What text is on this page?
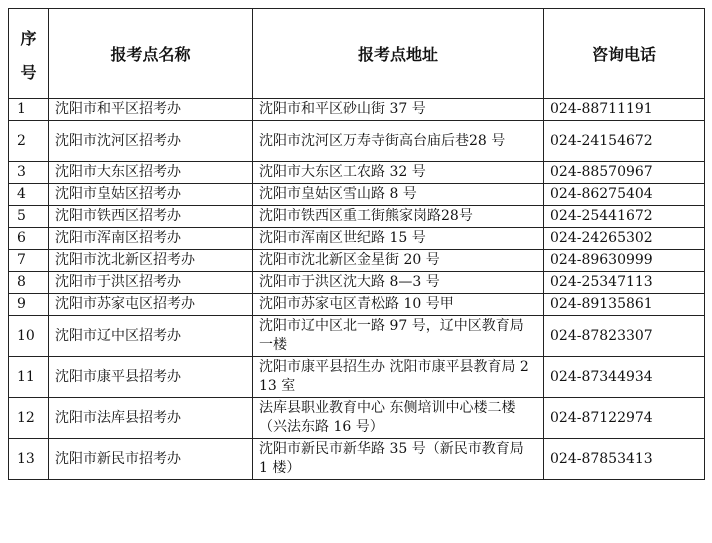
序
号	报考点名称	报考点地址	咨询电话
1	沈阳市和平区招考办	沈阳市和平区砂山街 37 号	024-88711191
2	沈阳市沈河区招考办	沈阳市沈河区万寿寺街高台庙后巷28 号	024-24154672
3	沈阳市大东区招考办	沈阳市大东区工农路 32 号	024-88570967
4	沈阳市皇姑区招考办	沈阳市皇姑区雪山路 8 号	024-86275404
5	沈阳市铁西区招考办	沈阳市铁西区重工街熊家岗路28号	024-25441672
6	沈阳市浑南区招考办	沈阳市浑南区世纪路 15 号	024-24265302
7	沈阳市沈北新区招考办	沈阳市沈北新区金星街 20 号	024-89630999
8	沈阳市于洪区招考办	沈阳市于洪区沈大路 8—3 号	024-25347113
9	沈阳市苏家屯区招考办	沈阳市苏家屯区青松路 10 号甲	024-89135861
10	沈阳市辽中区招考办	沈阳市辽中区北一路 97 号，辽中区教育局一楼	024-87823307
11	沈阳市康平县招考办	沈阳市康平县招生办 沈阳市康平县教育局 213 室	024-87344934
12	沈阳市法库县招考办	法库县职业教育中心 东侧培训中心楼二楼（兴法东路 16 号）	024-87122974
13	沈阳市新民市招考办	沈阳市新民市新华路 35 号（新民市教育局 1 楼）	024-87853413
